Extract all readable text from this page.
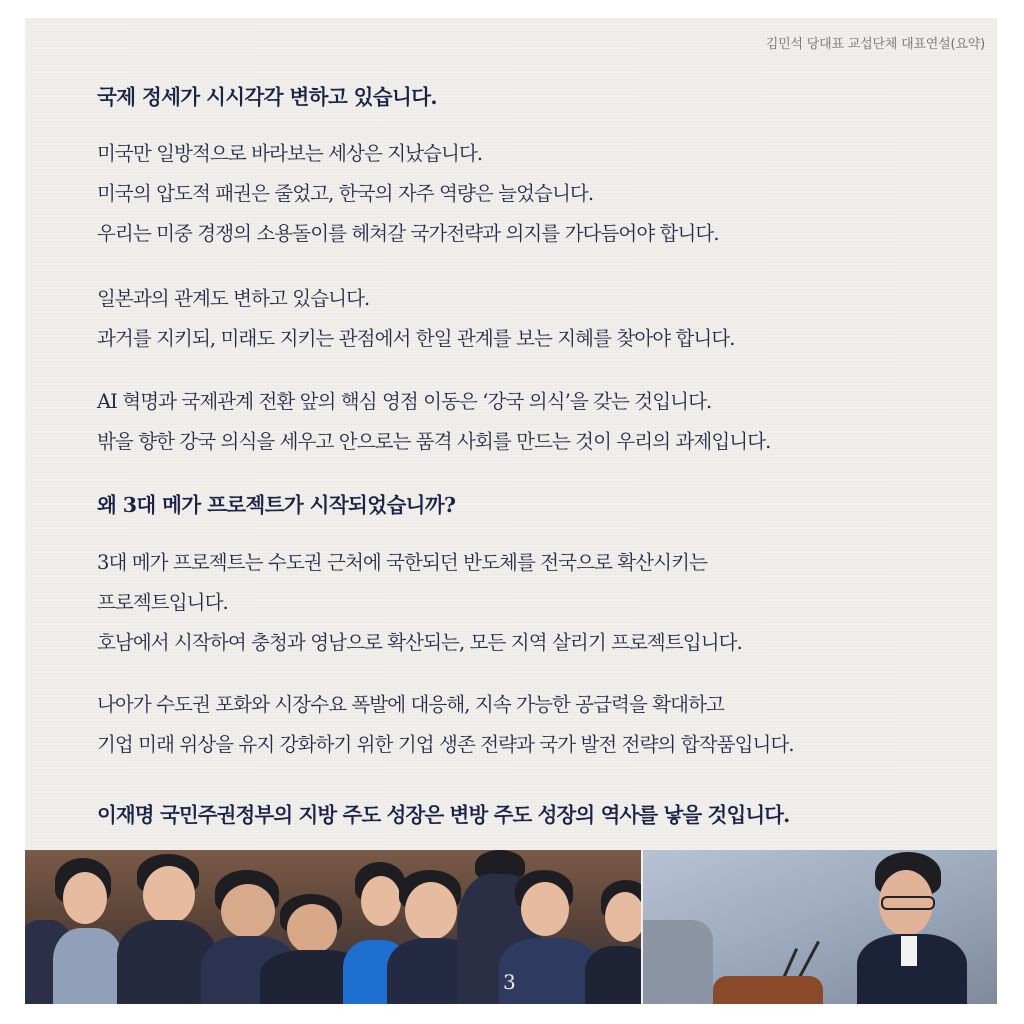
김민석 당대표 교섭단체 대표연설(요약)
국제 정세가 시시각각 변하고 있습니다.
미국만 일방적으로 바라보는 세상은 지났습니다.
미국의 압도적 패권은 줄었고, 한국의 자주 역량은 늘었습니다.
우리는 미중 경쟁의 소용돌이를 헤쳐갈 국가전략과 의지를 가다듬어야 합니다.
일본과의 관계도 변하고 있습니다.
과거를 지키되, 미래도 지키는 관점에서 한일 관계를 보는 지혜를 찾아야 합니다.
AI 혁명과 국제관계 전환 앞의 핵심 영점 이동은 ‘강국 의식’을 갖는 것입니다.
밖을 향한 강국 의식을 세우고 안으로는 품격 사회를 만드는 것이 우리의 과제입니다.
왜 3대 메가 프로젝트가 시작되었습니까?
3대 메가 프로젝트는 수도권 근처에 국한되던 반도체를 전국으로 확산시키는
프로젝트입니다.
호남에서 시작하여 충청과 영남으로 확산되는, 모든 지역 살리기 프로젝트입니다.
나아가 수도권 포화와 시장수요 폭발에 대응해, 지속 가능한 공급력을 확대하고
기업 미래 위상을 유지 강화하기 위한 기업 생존 전략과 국가 발전 전략의 합작품입니다.
이재명 국민주권정부의 지방 주도 성장은 변방 주도 성장의 역사를 낳을 것입니다.
3
